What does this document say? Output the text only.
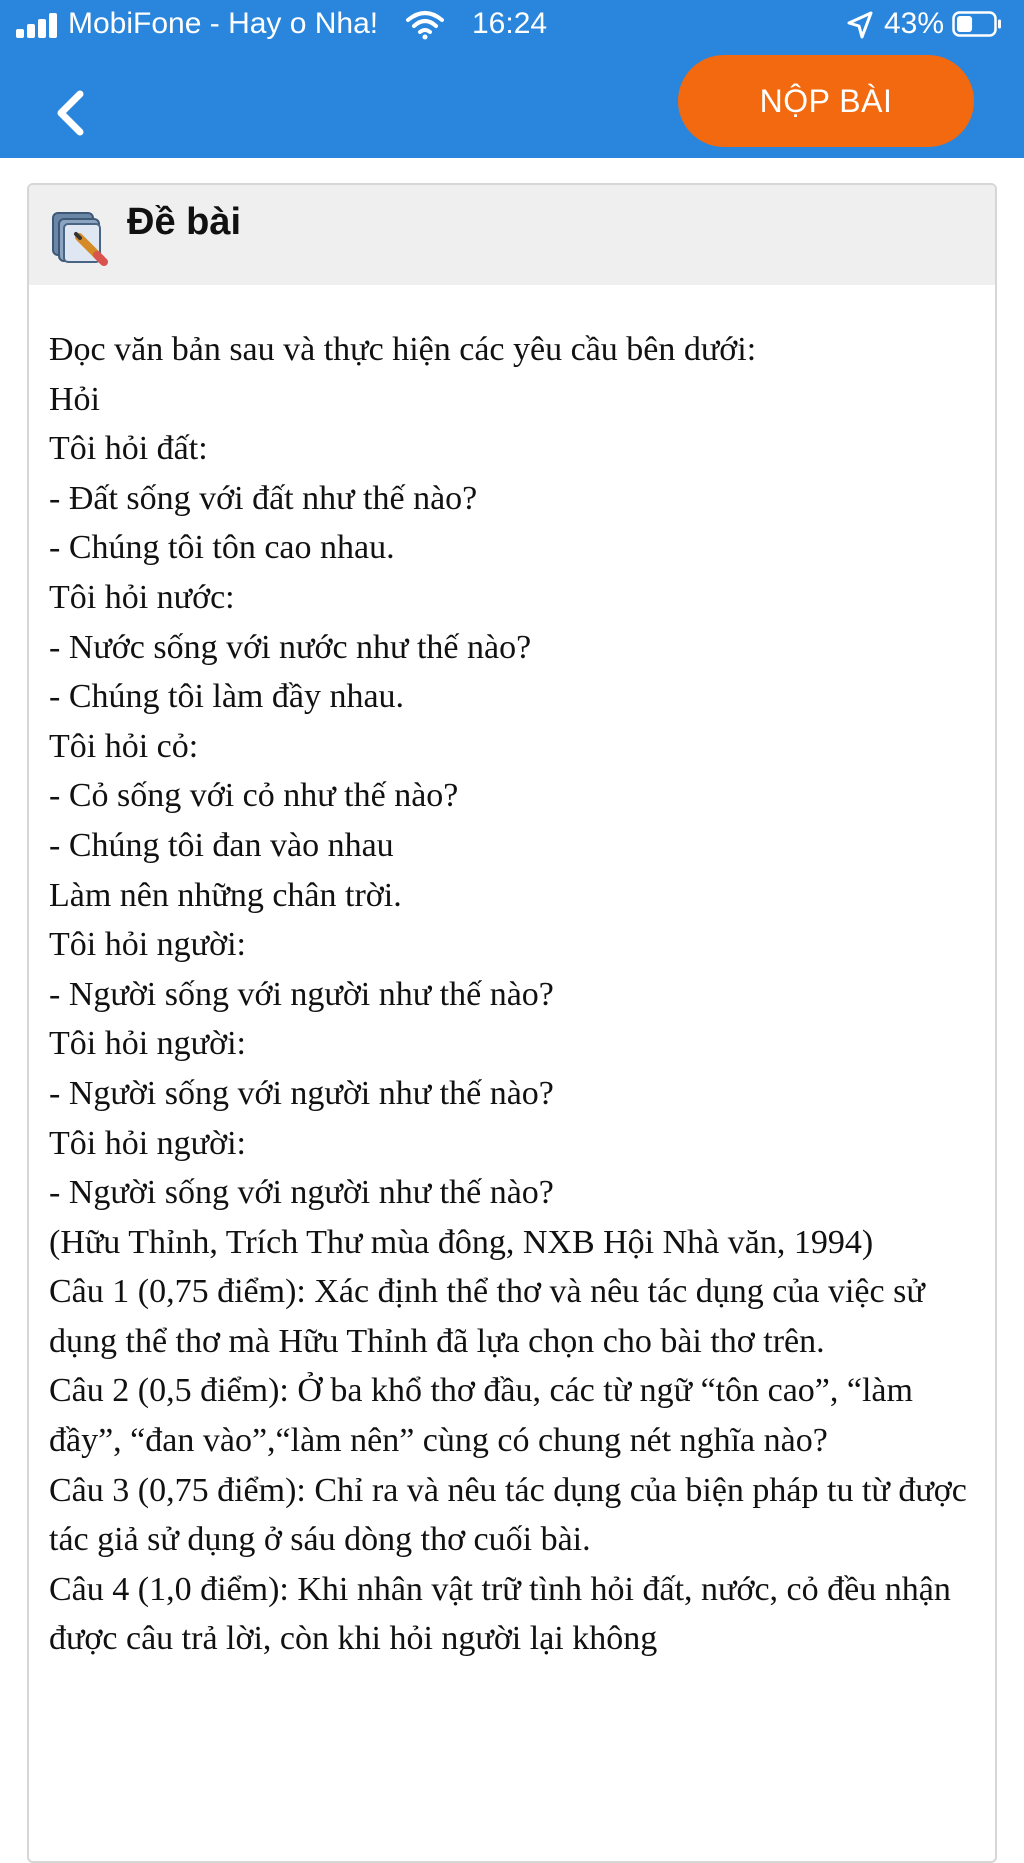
MobiFone - Hay o Nha!	16:24	43%
NỘP BÀI
Đề bài

Đọc văn bản sau và thực hiện các yêu cầu bên dưới:

Hỏi

Tôi hỏi đất:

- Đất sống với đất như thế nào?

- Chúng tôi tôn cao nhau.

Tôi hỏi nước:

- Nước sống với nước như thế nào?

- Chúng tôi làm đầy nhau.

Tôi hỏi cỏ:

- Cỏ sống với cỏ như thế nào?

- Chúng tôi đan vào nhau

Làm nên những chân trời.

Tôi hỏi người:

- Người sống với người như thế nào?

Tôi hỏi người:

- Người sống với người như thế nào?

Tôi hỏi người:

- Người sống với người như thế nào?

(Hữu Thỉnh, Trích Thư mùa đông, NXB Hội Nhà văn, 1994)

Câu 1 (0,75 điểm): Xác định thể thơ và nêu tác dụng của việc sử dụng thể thơ mà Hữu Thỉnh đã lựa chọn cho bài thơ trên.

Câu 2 (0,5 điểm): Ở ba khổ thơ đầu, các từ ngữ “tôn cao”, “làm đầy”, “đan vào”,“làm nên” cùng có chung nét nghĩa nào?

Câu 3 (0,75 điểm): Chỉ ra và nêu tác dụng của biện pháp tu từ được tác giả sử dụng ở sáu dòng thơ cuối bài.

Câu 4 (1,0 điểm): Khi nhân vật trữ tình hỏi đất, nước, cỏ đều nhận được câu trả lời, còn khi hỏi người lại không
